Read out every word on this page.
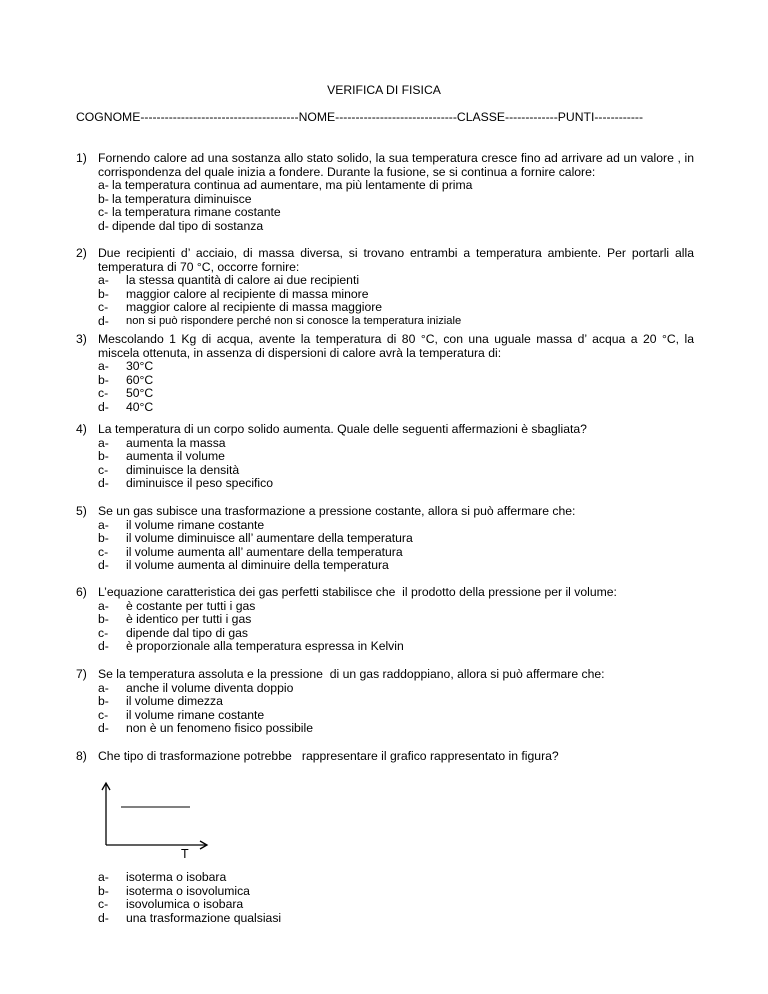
VERIFICA DI FISICA
COGNOME---------------------------------------NOME------------------------------CLASSE-------------PUNTI------------
1) Fornendo calore ad una sostanza allo stato solido, la sua temperatura cresce fino ad arrivare ad un valore , in corrispondenza del quale inizia a fondere. Durante la fusione, se si continua a fornire calore:
a- la temperatura continua ad aumentare, ma più lentamente di prima
b- la temperatura diminuisce
c- la temperatura rimane costante
d- dipende dal tipo di sostanza
2) Due recipienti d’ acciaio, di massa diversa, si trovano entrambi a temperatura ambiente. Per portarli alla temperatura di 70 °C, occorre fornire:
a- la stessa quantità di calore ai due recipienti
b- maggior calore al recipiente di massa minore
c- maggior calore al recipiente di massa maggiore
d- non si può rispondere perché non si conosce la temperatura iniziale
3) Mescolando 1 Kg di acqua, avente la temperatura di 80 °C, con una uguale massa d’ acqua a 20 °C, la miscela ottenuta, in assenza di dispersioni di calore avrà la temperatura di:
a- 30°C
b- 60°C
c- 50°C
d- 40°C
4) La temperatura di un corpo solido aumenta. Quale delle seguenti affermazioni è sbagliata?
a- aumenta la massa
b- aumenta il volume
c- diminuisce la densità
d- diminuisce il peso specifico
5) Se un gas subisce una trasformazione a pressione costante, allora si può affermare che:
a- il volume rimane costante
b- il volume diminuisce all’ aumentare della temperatura
c- il volume aumenta all’ aumentare della temperatura
d- il volume aumenta al diminuire della temperatura
6) L’equazione caratteristica dei gas perfetti stabilisce che  il prodotto della pressione per il volume:
a- è costante per tutti i gas
b- è identico per tutti i gas
c- dipende dal tipo di gas
d- è proporzionale alla temperatura espressa in Kelvin
7) Se la temperatura assoluta e la pressione  di un gas raddoppiano, allora si può affermare che:
a- anche il volume diventa doppio
b- il volume dimezza
c- il volume rimane costante
d- non è un fenomeno fisico possibile
8) Che tipo di trasformazione potrebbe   rappresentare il grafico rappresentato in figura?
T
a- isoterma o isobara
b- isoterma o isovolumica
c- isovolumica o isobara
d- una trasformazione qualsiasi
